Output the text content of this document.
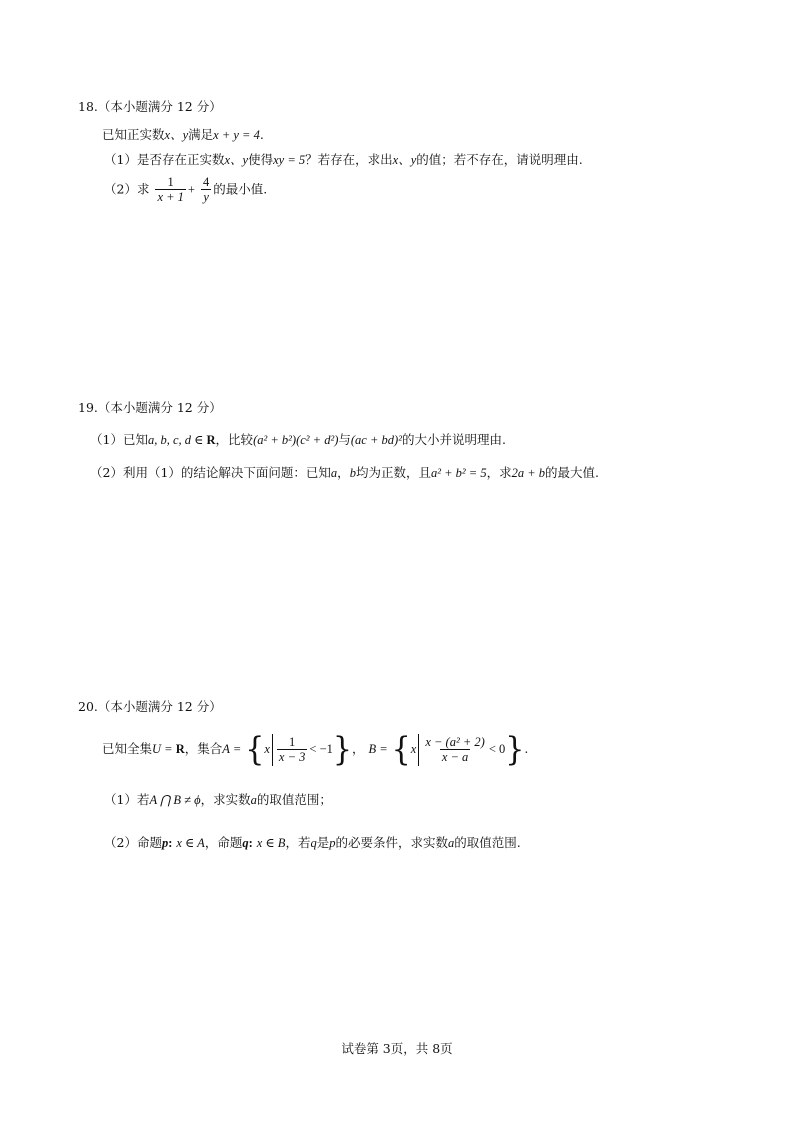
18.（本小题满分 12 分）
已知正实数x、y满足x + y = 4.
（1）是否存在正实数x、y使得xy = 5？若存在，求出x、y的值；若不存在，请说明理由.
（2）求 $\frac{1}{x + 1} + \frac{4}{y}$ 的最小值.
19.（本小题满分 12 分）
（1）已知a, b, c, d ∈ R，比较(a² + b²)(c² + d²)与(ac + bd)²的大小并说明理由.
（2）利用（1）的结论解决下面问题：已知a，b均为正数，且a² + b² = 5，求2a + b的最大值.
20.（本小题满分 12 分）
已知全集U = R，集合$A = \{x \frac{1}{x - 3} < -1\}$， $B = \{x \frac{\text{x − (a² + 2)}}{x - a} < 0\}$.
（1）若A ⋂ B ≠ ϕ，求实数a的取值范围；
（2）命题p: x ∈ A，命题q: x ∈ B，若q是p的必要条件，求实数a的取值范围.
试卷第 3页，共 8页
